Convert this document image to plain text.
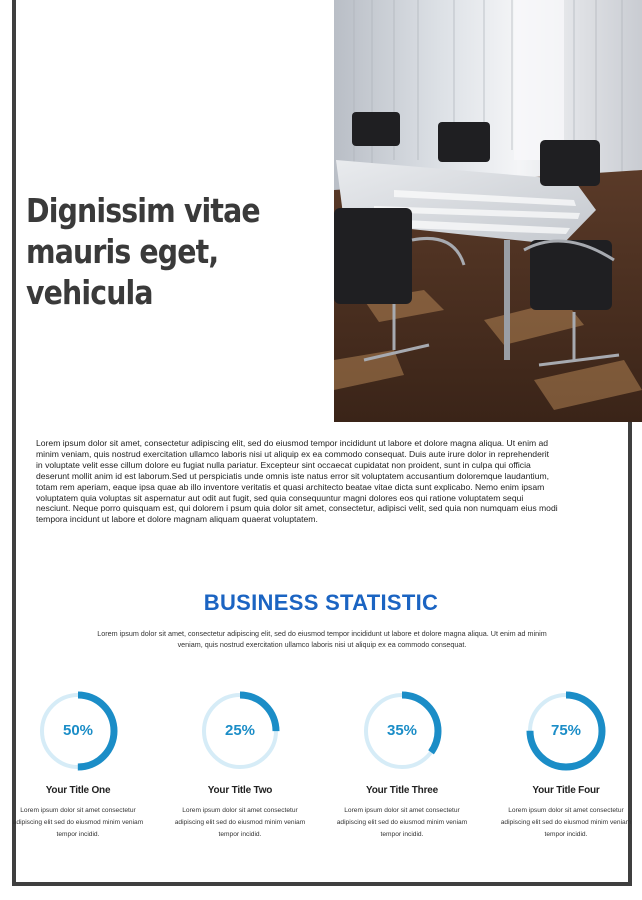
Dignissim vitae mauris eget, vehicula
Lorem ipsum dolor sit amet, consectetur adipiscing elit, sed do eiusmod tempor incididunt ut labore et dolore magna aliqua. Ut enim ad minim veniam, quis nostrud exercitation ullamco laboris nisi ut aliquip ex ea commodo consequat. Duis aute irure dolor in reprehenderit in voluptate velit esse cillum dolore eu fugiat nulla pariatur. Excepteur sint occaecat cupidatat non proident, sunt in culpa qui officia deserunt mollit anim id est laborum.Sed ut perspiciatis unde omnis iste natus error sit voluptatem accusantium doloremque laudantium, totam rem aperiam, eaque ipsa quae ab illo inventore veritatis et quasi architecto beatae vitae dicta sunt explicabo. Nemo enim ipsam voluptatem quia voluptas sit aspernatur aut odit aut fugit, sed quia consequuntur magni dolores eos qui ratione voluptatem sequi nesciunt. Neque porro quisquam est, qui dolorem i psum quia dolor sit amet, consectetur, adipisci velit, sed quia non numquam eius modi tempora incidunt ut labore et dolore magnam aliquam quaerat voluptatem.
BUSINESS STATISTIC
Lorem ipsum dolor sit amet, consectetur adipiscing elit, sed do eiusmod tempor incididunt ut labore et dolore magna aliqua. Ut enim ad minim veniam, quis nostrud exercitation ullamco laboris nisi ut aliquip ex ea commodo consequat.
50%
Your Title One
Lorem ipsum dolor sit amet consectetur adipiscing elit sed do eiusmod minim veniam tempor incidid.
25%
Your Title Two
Lorem ipsum dolor sit amet consectetur adipiscing elit sed do eiusmod minim veniam tempor incidid.
35%
Your Title Three
Lorem ipsum dolor sit amet consectetur adipiscing elit sed do eiusmod minim veniam tempor incidid.
75%
Your Title Four
Lorem ipsum dolor sit amet consectetur adipiscing elit sed do eiusmod minim veniam tempor incidid.
